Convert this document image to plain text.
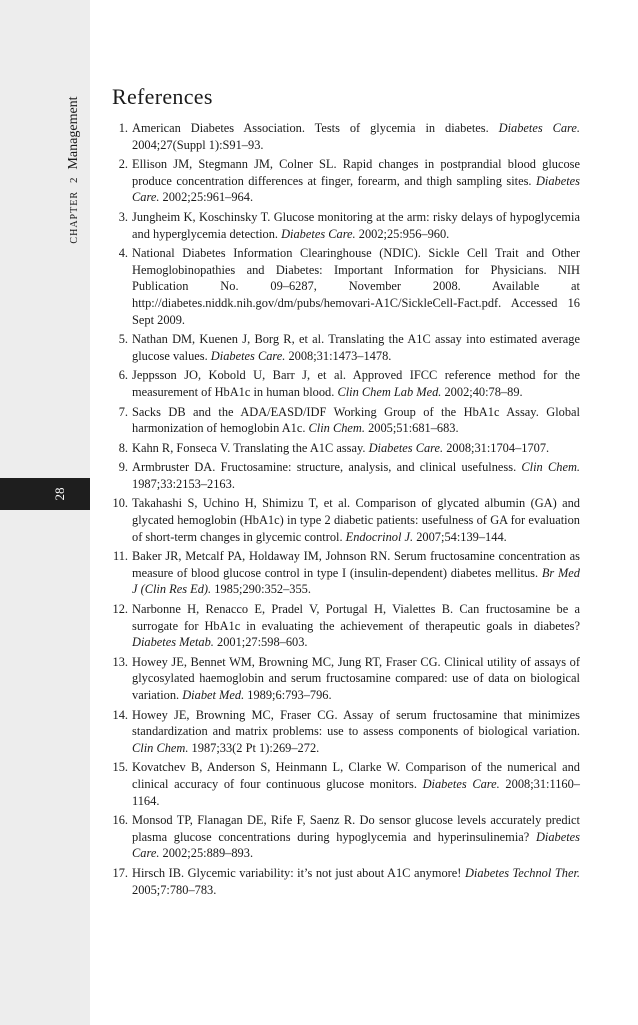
CHAPTER 2 Management
28
References
1. American Diabetes Association. Tests of glycemia in diabetes. Diabetes Care. 2004;27(Suppl 1):S91–93.
2. Ellison JM, Stegmann JM, Colner SL. Rapid changes in postprandial blood glucose produce concentration differences at finger, forearm, and thigh sampling sites. Diabetes Care. 2002;25:961–964.
3. Jungheim K, Koschinsky T. Glucose monitoring at the arm: risky delays of hypoglycemia and hyperglycemia detection. Diabetes Care. 2002;25:956–960.
4. National Diabetes Information Clearinghouse (NDIC). Sickle Cell Trait and Other Hemoglobinopathies and Diabetes: Important Information for Physicians. NIH Publication No. 09–6287, November 2008. Available at http://diabetes.niddk.nih.gov/dm/pubs/hemovari-A1C/SickleCell-Fact.pdf. Accessed 16 Sept 2009.
5. Nathan DM, Kuenen J, Borg R, et al. Translating the A1C assay into estimated average glucose values. Diabetes Care. 2008;31:1473–1478.
6. Jeppsson JO, Kobold U, Barr J, et al. Approved IFCC reference method for the measurement of HbA1c in human blood. Clin Chem Lab Med. 2002;40:78–89.
7. Sacks DB and the ADA/EASD/IDF Working Group of the HbA1c Assay. Global harmonization of hemoglobin A1c. Clin Chem. 2005;51:681–683.
8. Kahn R, Fonseca V. Translating the A1C assay. Diabetes Care. 2008;31:1704–1707.
9. Armbruster DA. Fructosamine: structure, analysis, and clinical usefulness. Clin Chem. 1987;33:2153–2163.
10. Takahashi S, Uchino H, Shimizu T, et al. Comparison of glycated albumin (GA) and glycated hemoglobin (HbA1c) in type 2 diabetic patients: usefulness of GA for evaluation of short-term changes in glycemic control. Endocrinol J. 2007;54:139–144.
11. Baker JR, Metcalf PA, Holdaway IM, Johnson RN. Serum fructosamine concentration as measure of blood glucose control in type I (insulin-dependent) diabetes mellitus. Br Med J (Clin Res Ed). 1985;290:352–355.
12. Narbonne H, Renacco E, Pradel V, Portugal H, Vialettes B. Can fructosamine be a surrogate for HbA1c in evaluating the achievement of therapeutic goals in diabetes? Diabetes Metab. 2001;27:598–603.
13. Howey JE, Bennet WM, Browning MC, Jung RT, Fraser CG. Clinical utility of assays of glycosylated haemoglobin and serum fructosamine compared: use of data on biological variation. Diabet Med. 1989;6:793–796.
14. Howey JE, Browning MC, Fraser CG. Assay of serum fructosamine that minimizes standardization and matrix problems: use to assess components of biological variation. Clin Chem. 1987;33(2 Pt 1):269–272.
15. Kovatchev B, Anderson S, Heinmann L, Clarke W. Comparison of the numerical and clinical accuracy of four continuous glucose monitors. Diabetes Care. 2008;31:1160–1164.
16. Monsod TP, Flanagan DE, Rife F, Saenz R. Do sensor glucose levels accurately predict plasma glucose concentrations during hypoglycemia and hyperinsulinemia? Diabetes Care. 2002;25:889–893.
17. Hirsch IB. Glycemic variability: it’s not just about A1C anymore! Diabetes Technol Ther. 2005;7:780–783.
